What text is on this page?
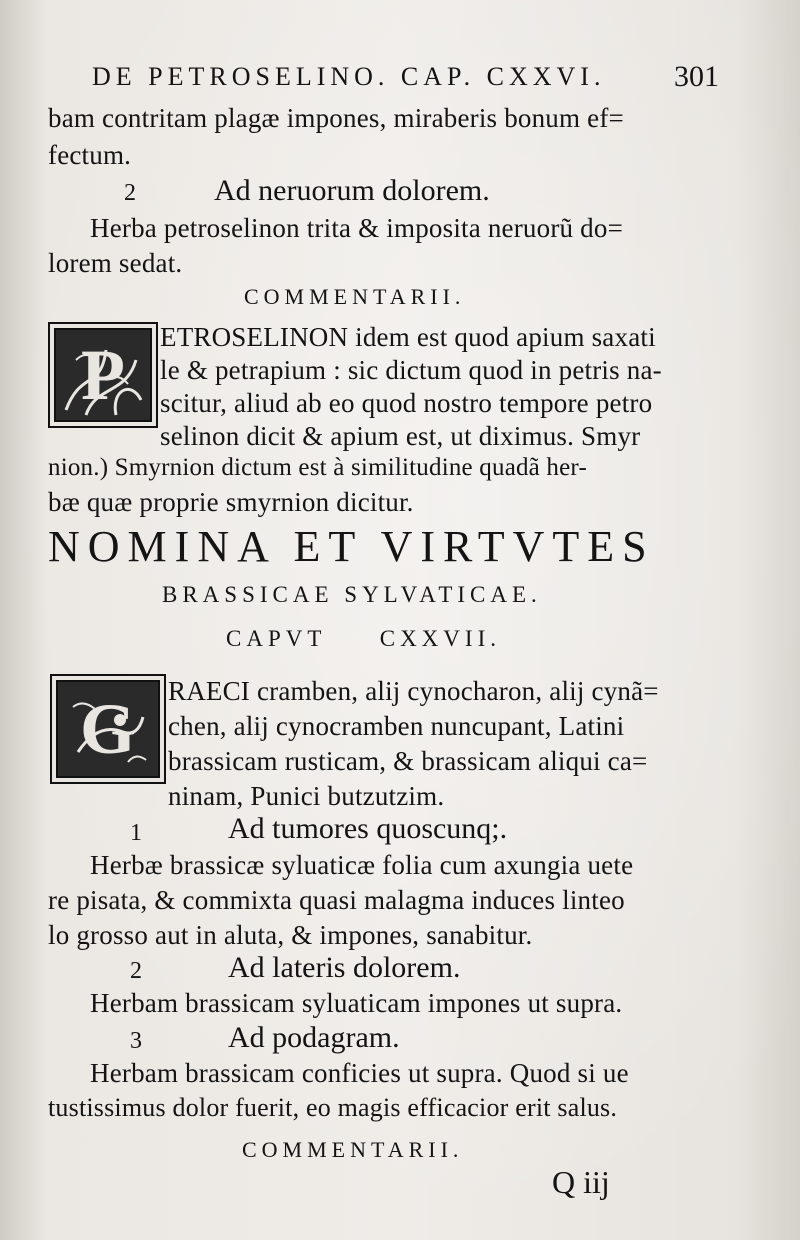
DE PETROSELINO. CAP. CXXVI. 301
bam contritam plagæ impones, miraberis bonum ef=
fectum.
2	Ad neruorum dolorem.
Herba petroselinon trita & imposita neruorũ do=
lorem sedat.
COMMENTARII.
P	ETROSELINON idem est quod apium saxati
le & petrapium : sic dictum quod in petris na-
scitur, aliud ab eo quod nostro tempore petro
selinon dicit & apium est, ut diximus. Smyr
nion.) Smyrnion dictum est à similitudine quadã her-
bæ quæ proprie smyrnion dicitur.
NOMINA ET VIRTVTES
BRASSICAE SYLVATICAE.
CAPVT     CXXVII.
G	RAECI cramben, alij cynocharon, alij cynã=
chen, alij cynocramben nuncupant, Latini
brassicam rusticam, & brassicam aliqui ca=
ninam, Punici butzutzim.
1	Ad tumores quoscunq;.
Herbæ brassicæ syluaticæ folia cum axungia uete
re pisata, & commixta quasi malagma induces linteo
lo grosso aut in aluta, & impones, sanabitur.
2	Ad lateris dolorem.
Herbam brassicam syluaticam impones ut supra.
3	Ad podagram.
Herbam brassicam conficies ut supra. Quod si ue
tustissimus dolor fuerit, eo magis efficacior erit salus.
COMMENTARII.
Q iij
